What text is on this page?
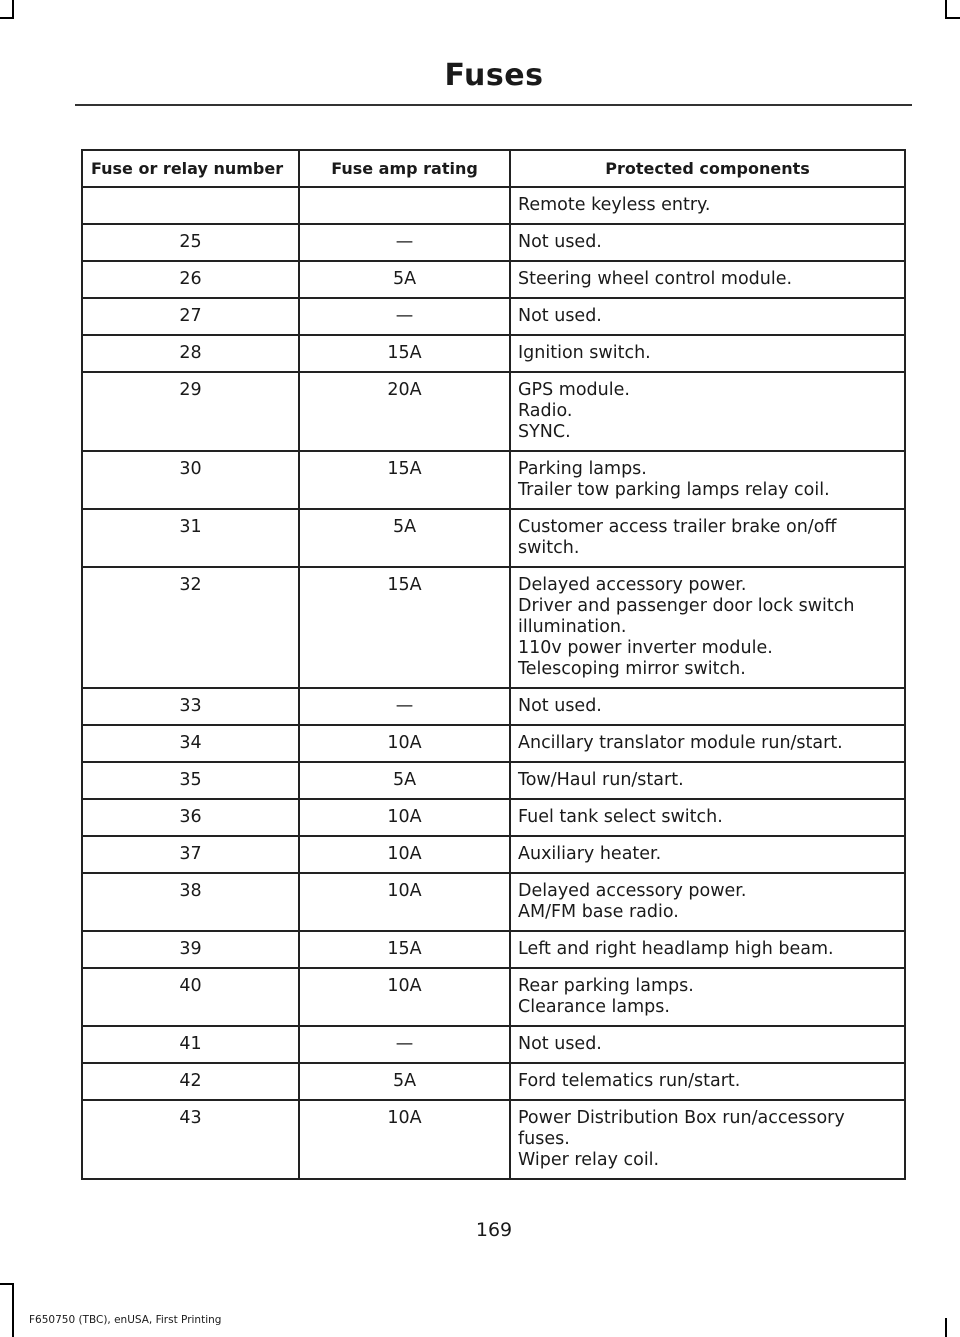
Fuses
Fuse or relay number	Fuse amp rating	Protected components

		Remote keyless entry.

25	—	Not used.

26	5A	Steering wheel control module.

27	—	Not used.

28	15A	Ignition switch.

29	20A	GPS module.
Radio.
SYNC.

30	15A	Parking lamps.
Trailer tow parking lamps relay coil.

31	5A	Customer access trailer brake on/off switch.

32	15A	Delayed accessory power.
Driver and passenger door lock switch illumination.
110v power inverter module.
Telescoping mirror switch.

33	—	Not used.

34	10A	Ancillary translator module run/start.

35	5A	Tow/Haul run/start.

36	10A	Fuel tank select switch.

37	10A	Auxiliary heater.

38	10A	Delayed accessory power.
AM/FM base radio.

39	15A	Left and right headlamp high beam.

40	10A	Rear parking lamps.
Clearance lamps.

41	—	Not used.

42	5A	Ford telematics run/start.

43	10A	Power Distribution Box run/accessory fuses.
Wiper relay coil.
169
F650750 (TBC), enUSA, First Printing
